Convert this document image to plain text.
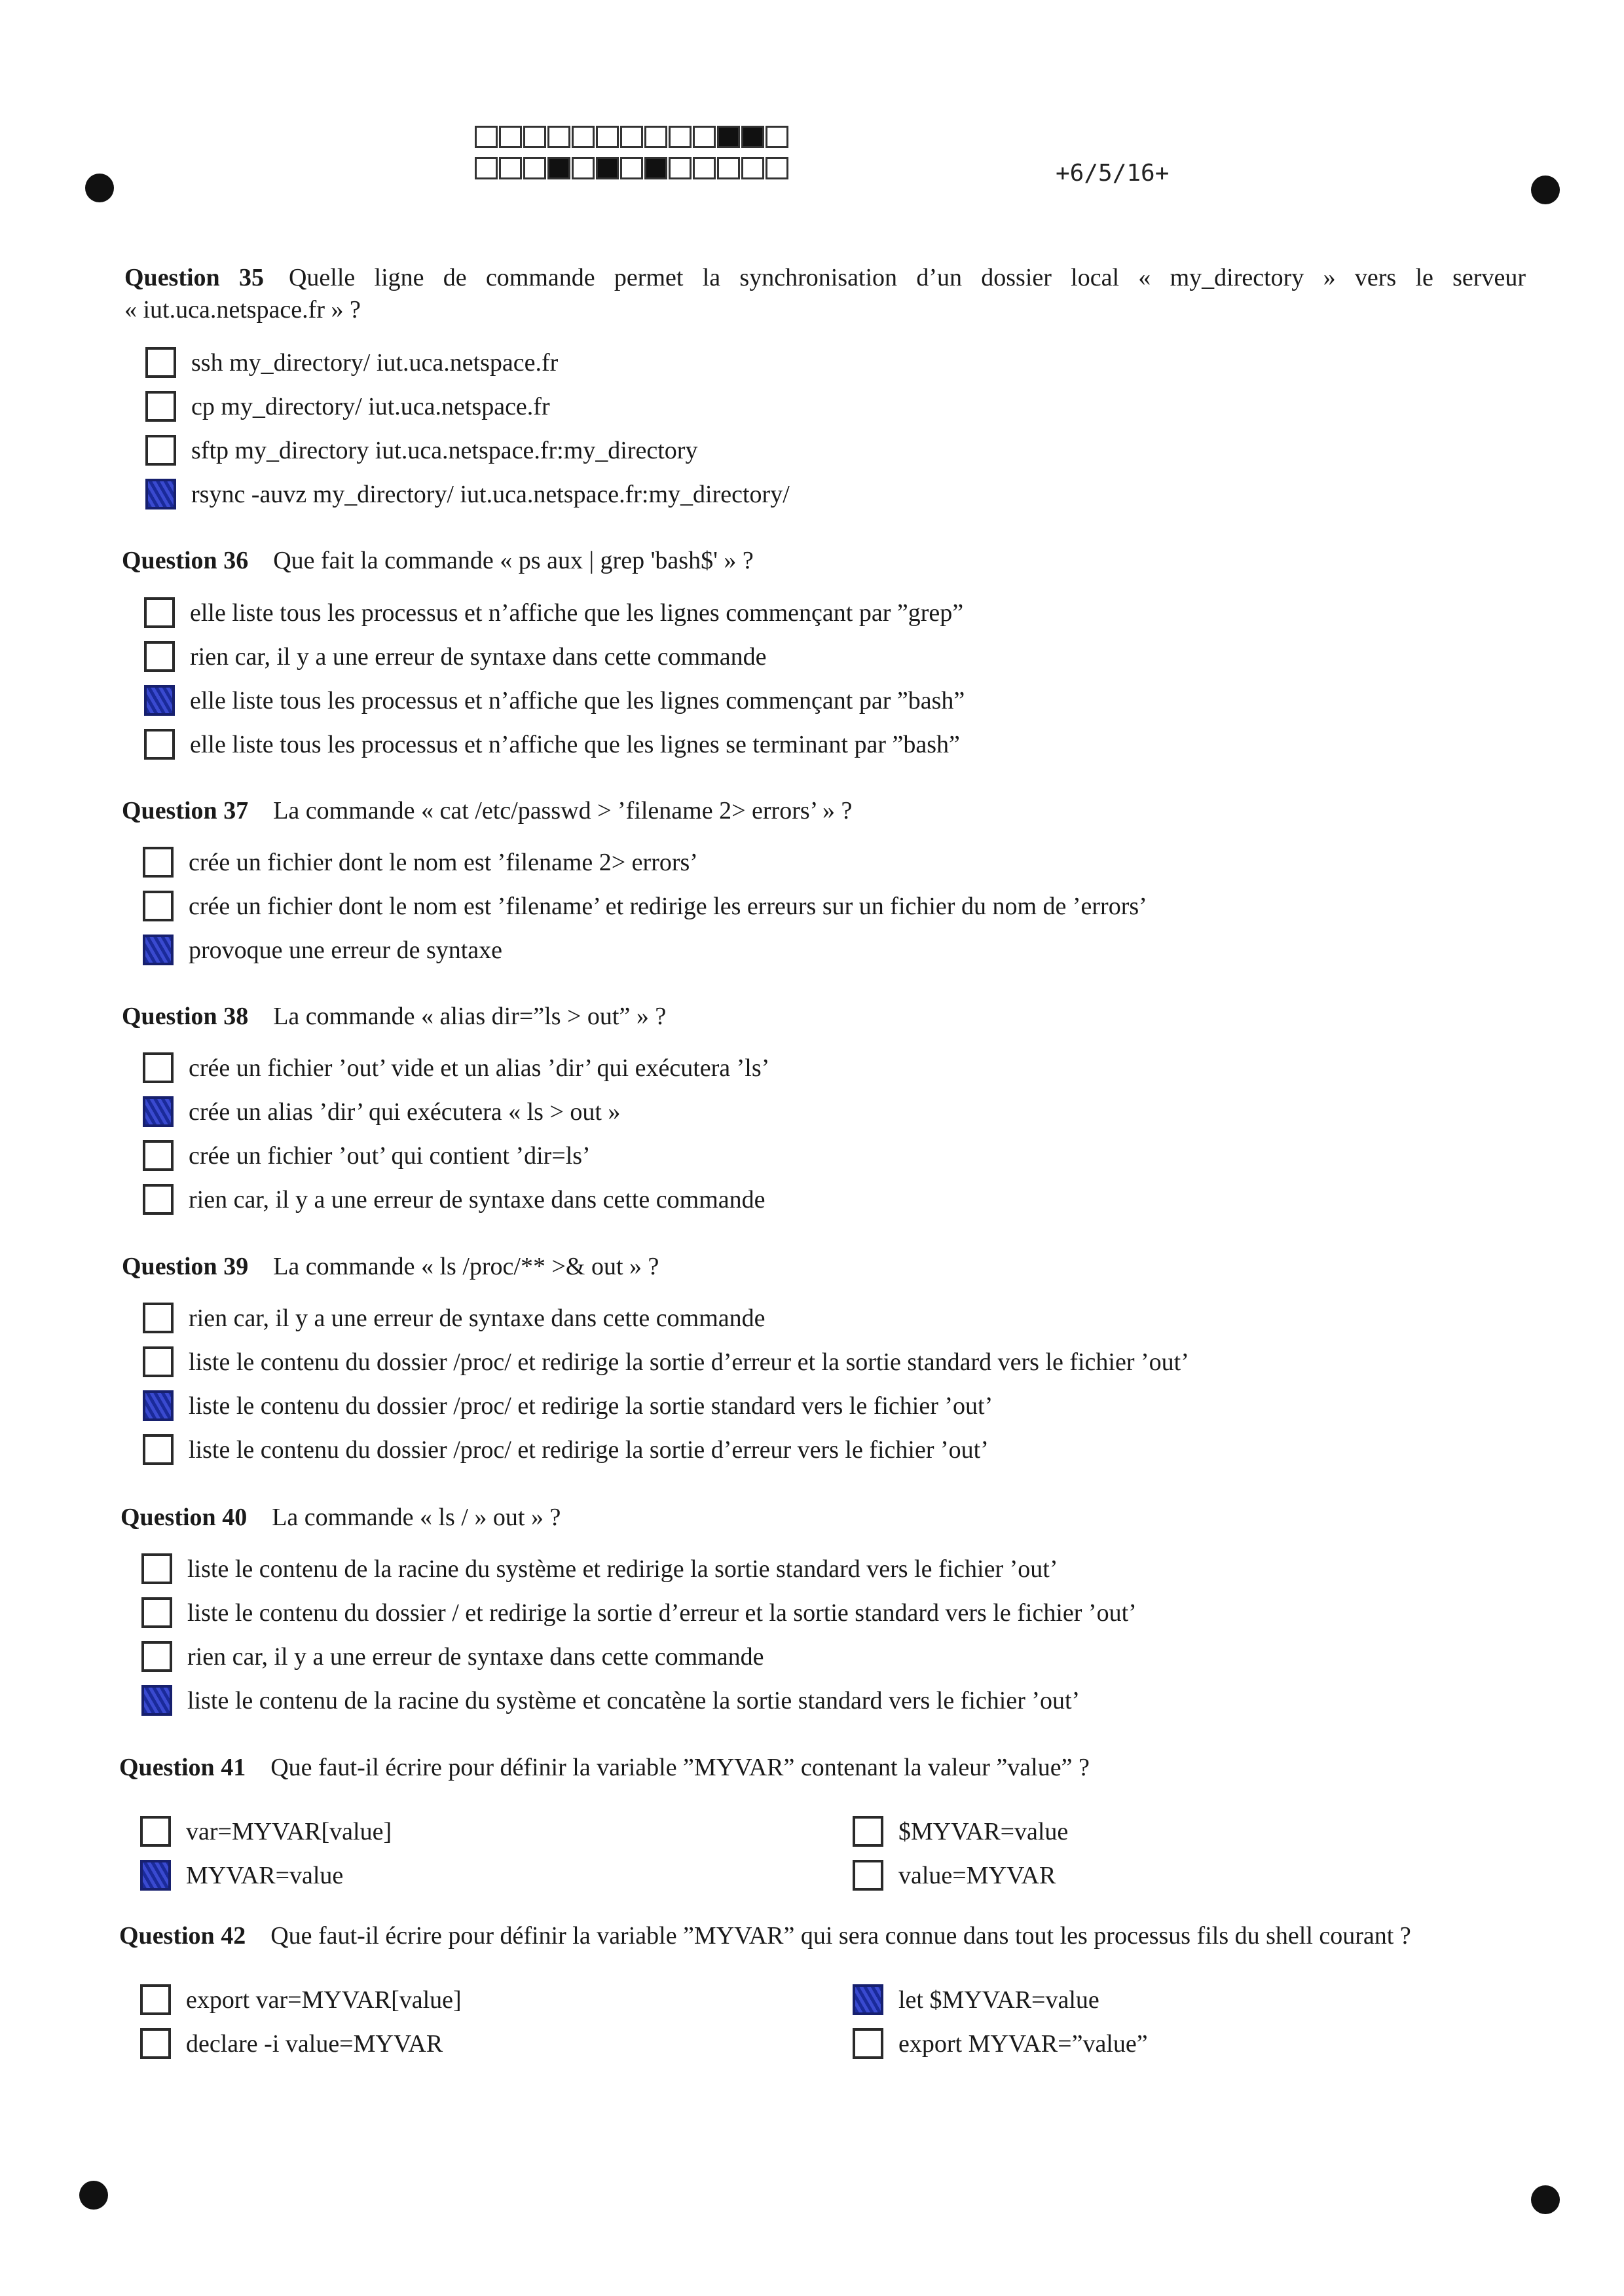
+6/5/16+
Question 35 Quelle ligne de commande permet la synchronisation d’un dossier local « my_directory » vers le serveur
« iut.uca.netspace.fr » ?
ssh my_directory/ iut.uca.netspace.fr
cp my_directory/ iut.uca.netspace.fr
sftp my_directory iut.uca.netspace.fr:my_directory
rsync -auvz my_directory/ iut.uca.netspace.fr:my_directory/
Question 36 Que fait la commande « ps aux | grep 'bash$' » ?
elle liste tous les processus et n’affiche que les lignes commençant par ”grep”
rien car, il y a une erreur de syntaxe dans cette commande
elle liste tous les processus et n’affiche que les lignes commençant par ”bash”
elle liste tous les processus et n’affiche que les lignes se terminant par ”bash”
Question 37 La commande « cat /etc/passwd > ’filename 2> errors’ » ?
crée un fichier dont le nom est ’filename 2> errors’
crée un fichier dont le nom est ’filename’ et redirige les erreurs sur un fichier du nom de ’errors’
provoque une erreur de syntaxe
Question 38 La commande « alias dir=”ls > out” » ?
crée un fichier ’out’ vide et un alias ’dir’ qui exécutera ’ls’
crée un alias ’dir’ qui exécutera « ls > out »
crée un fichier ’out’ qui contient ’dir=ls’
rien car, il y a une erreur de syntaxe dans cette commande
Question 39 La commande « ls /proc/** >& out » ?
rien car, il y a une erreur de syntaxe dans cette commande
liste le contenu du dossier /proc/ et redirige la sortie d’erreur et la sortie standard vers le fichier ’out’
liste le contenu du dossier /proc/ et redirige la sortie standard vers le fichier ’out’
liste le contenu du dossier /proc/ et redirige la sortie d’erreur vers le fichier ’out’
Question 40 La commande « ls / » out » ?
liste le contenu de la racine du système et redirige la sortie standard vers le fichier ’out’
liste le contenu du dossier / et redirige la sortie d’erreur et la sortie standard vers le fichier ’out’
rien car, il y a une erreur de syntaxe dans cette commande
liste le contenu de la racine du système et concatène la sortie standard vers le fichier ’out’
Question 41 Que faut-il écrire pour définir la variable ”MYVAR” contenant la valeur ”value” ?
var=MYVAR[value]
MYVAR=value
$MYVAR=value
value=MYVAR
Question 42 Que faut-il écrire pour définir la variable ”MYVAR” qui sera connue dans tout les processus fils du shell courant ?
export var=MYVAR[value]
declare -i value=MYVAR
let $MYVAR=value
export MYVAR=”value”
